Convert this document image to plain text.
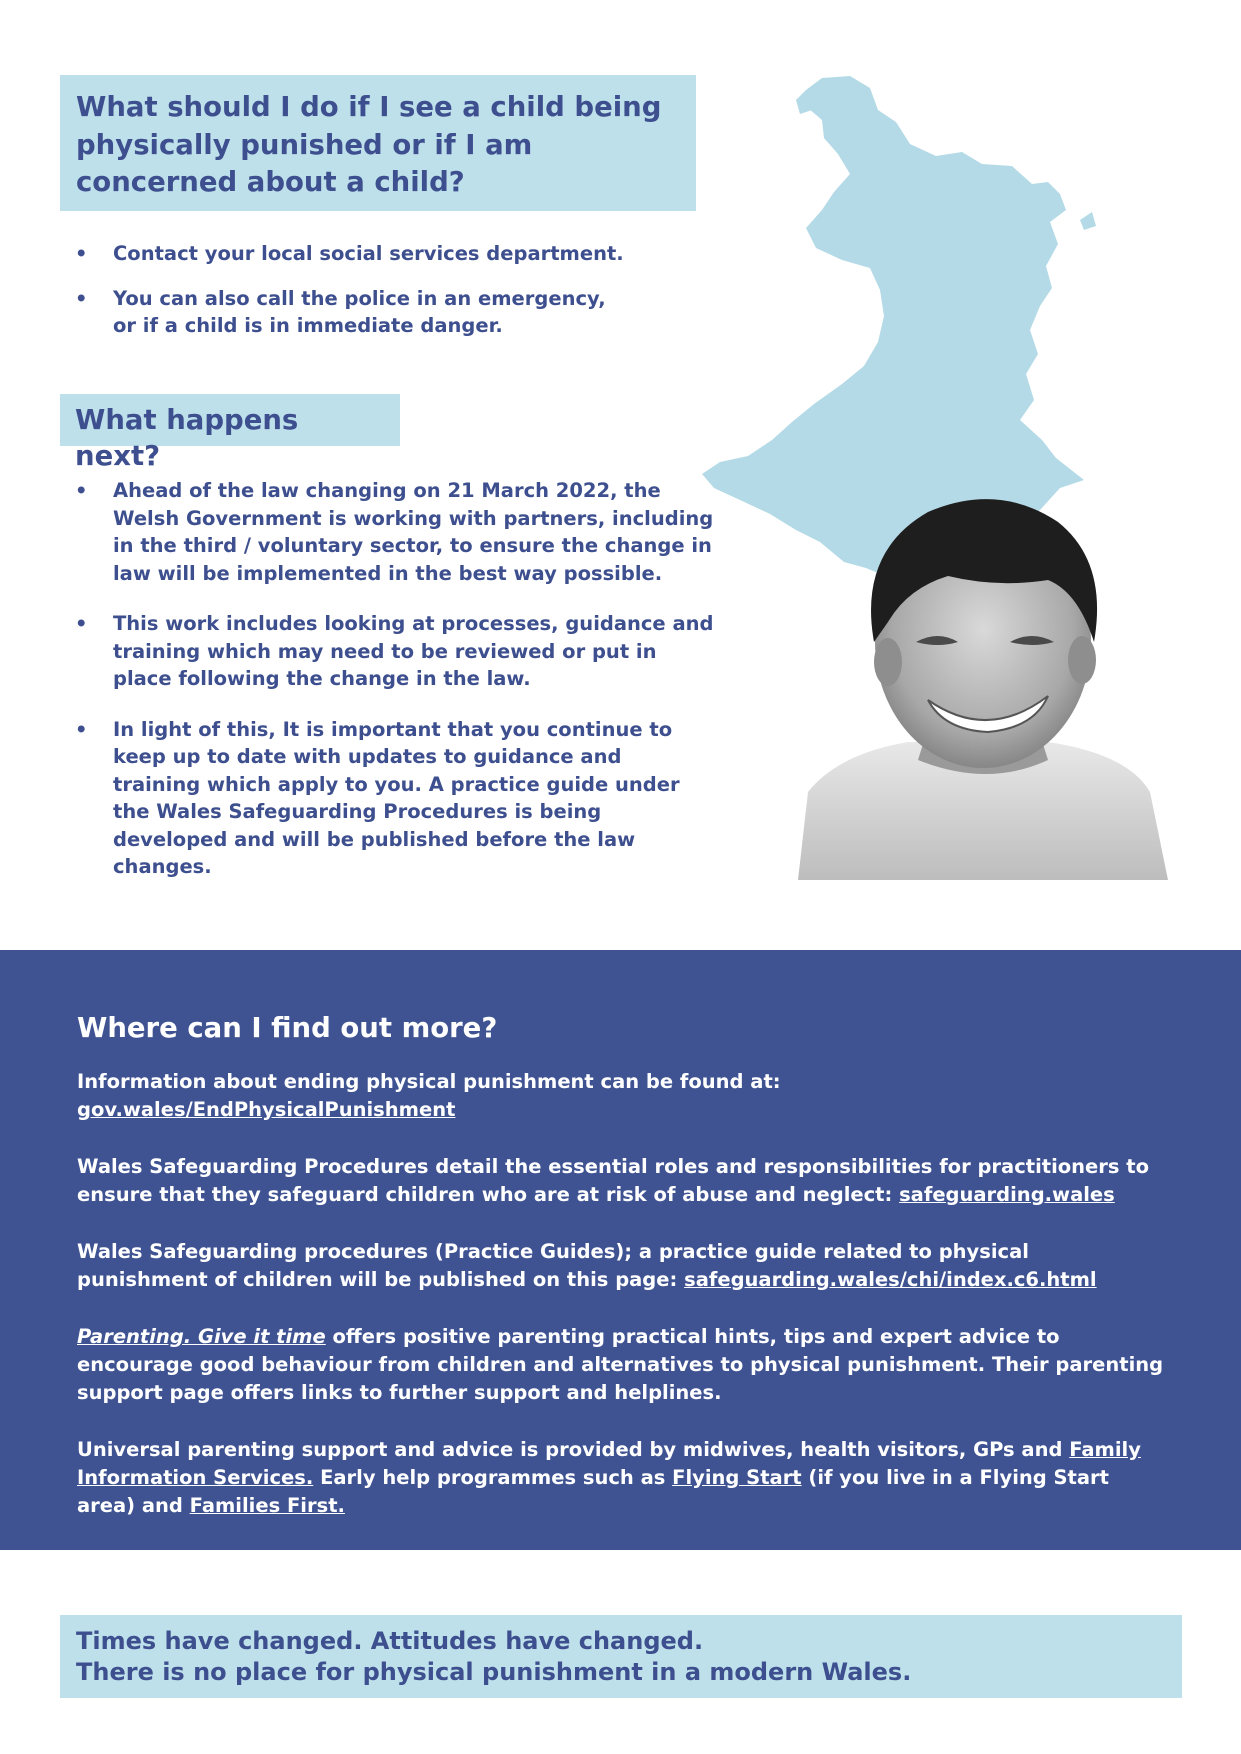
What should I do if I see a child being physically punished or if I am concerned about a child?
• Contact your local social services department.
• You can also call the police in an emergency, or if a child is in immediate danger.
What happens next?
• Ahead of the law changing on 21 March 2022, the Welsh Government is working with partners, including in the third / voluntary sector, to ensure the change in law will be implemented in the best way possible.
• This work includes looking at processes, guidance and training which may need to be reviewed or put in place following the change in the law.
• In light of this, It is important that you continue to keep up to date with updates to guidance and training which apply to you. A practice guide under the Wales Safeguarding Procedures is being developed and will be published before the law changes.
Where can I find out more?

Information about ending physical punishment can be found at: gov.wales/EndPhysicalPunishment

Wales Safeguarding Procedures detail the essential roles and responsibilities for practitioners to ensure that they safeguard children who are at risk of abuse and neglect: safeguarding.wales

Wales Safeguarding procedures (Practice Guides); a practice guide related to physical punishment of children will be published on this page: safeguarding.wales/chi/index.c6.html

Parenting. Give it time offers positive parenting practical hints, tips and expert advice to encourage good behaviour from children and alternatives to physical punishment. Their parenting support page offers links to further support and helplines.

Universal parenting support and advice is provided by midwives, health visitors, GPs and Family Information Services. Early help programmes such as Flying Start (if you live in a Flying Start area) and Families First.

Times have changed. Attitudes have changed.
There is no place for physical punishment in a modern Wales.
